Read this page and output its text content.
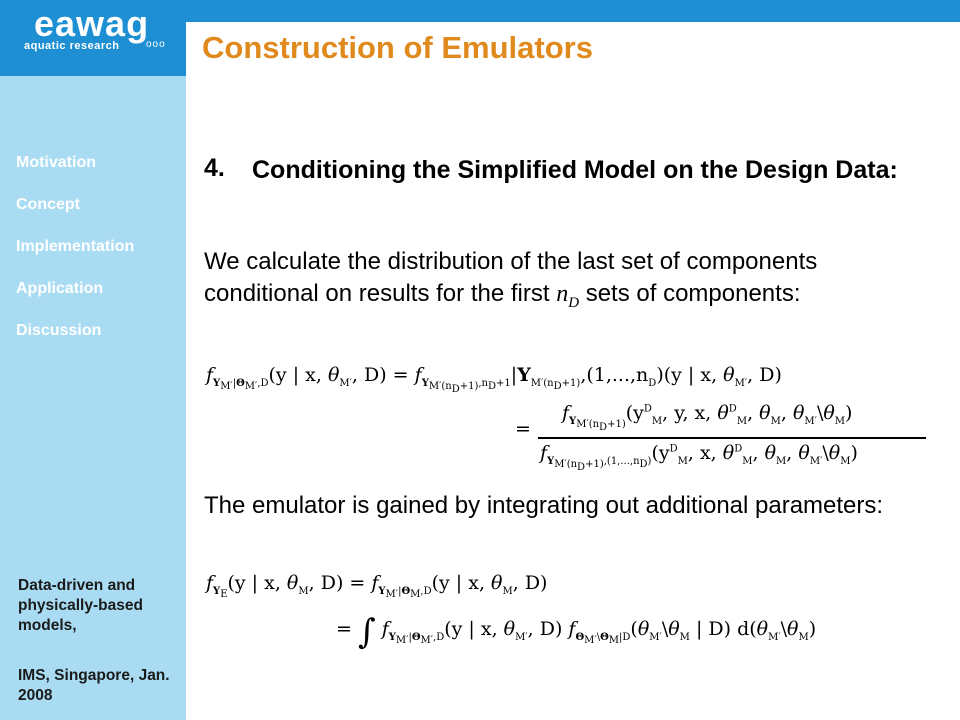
eawag
aquatic research	ooo
Motivation
Concept
Implementation
Application
Discussion
Data-driven and physically-based models,
IMS, Singapore, Jan. 2008
Construction of Emulators
4. Conditioning the Simplified Model on the Design Data:
We calculate the distribution of the last set of components conditional on results for the first $n_D$ sets of components:
$f_{Y_{M'}|\Theta_{M'},D}(y$ | x, $\theta_{M'}$, $D) = f_{Y_{M'(n_D+1)},n_D+1}|Y_{M'(n_D+1)},(1,...,n_D)(y$ | x, $\theta_{M'}$, D)
=
$f_{Y_{M'(n_D+1)}}(y^D_M$, y, x, $\theta^D_M$, $\theta_M$, $\theta_{M'}\backslash\theta_M$)
$f_{Y_{M'(n_D+1)},(1,...,n_D)}(y^D_M$, x, $\theta^D_M$, $\theta_M$, $\theta_{M'}\backslash\theta_M$)
The emulator is gained by integrating out additional parameters:
$f_{Y_E}(y$ | x, $\theta_M$, $D) = f_{Y_{M'}|\Theta_M,D}(y$ | x, $\theta_M$, D)
= ∫ $f_{Y_{M'}|\Theta_{M'},D}(y$ | x, $\theta_{M'}$, D) $f_{\Theta_{M'}\backslash\Theta_M|D}(\theta_{M'}\backslash\theta_M$ | D) $d(\theta_{M'}\backslash\theta_M)$
